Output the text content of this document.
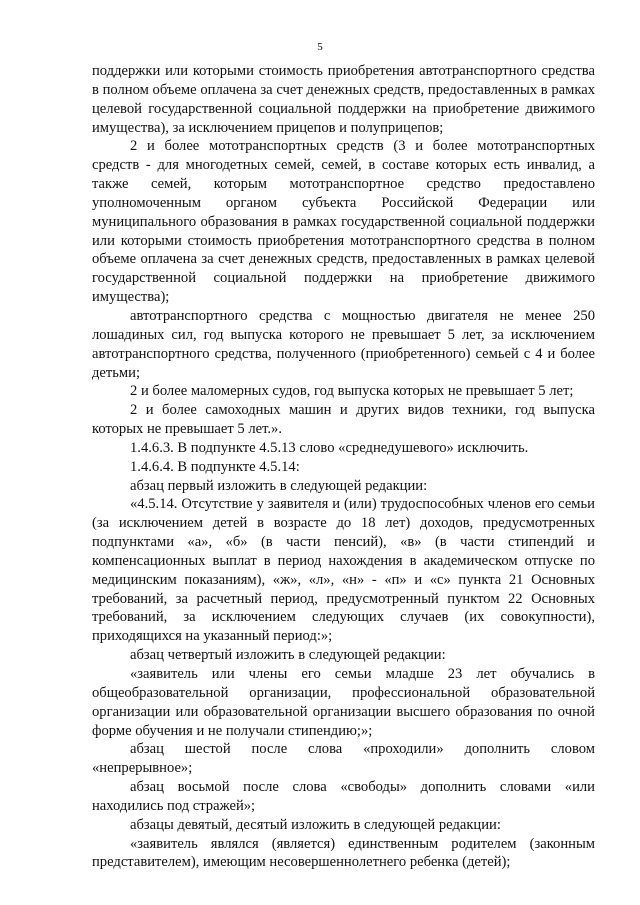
5

поддержки или которыми стоимость приобретения автотранспортного средства в полном объеме оплачена за счет денежных средств, предоставленных в рамках целевой государственной социальной поддержки на приобретение движимого имущества), за исключением прицепов и полуприцепов;

2 и более мототранспортных средств (3 и более мототранспортных средств - для многодетных семей, семей, в составе которых есть инвалид, а также семей, которым мототранспортное средство предоставлено уполномоченным органом субъекта Российской Федерации или муниципального образования в рамках государственной социальной поддержки или которыми стоимость приобретения мототранспортного средства в полном объеме оплачена за счет денежных средств, предоставленных в рамках целевой государственной социальной поддержки на приобретение движимого имущества);

автотранспортного средства с мощностью двигателя не менее 250 лошадиных сил, год выпуска которого не превышает 5 лет, за исключением автотранспортного средства, полученного (приобретенного) семьей с 4 и более детьми;

2 и более маломерных судов, год выпуска которых не превышает 5 лет;

2 и более самоходных машин и других видов техники, год выпуска которых не превышает 5 лет.».

1.4.6.3. В подпункте 4.5.13 слово «среднедушевого» исключить.

1.4.6.4. В подпункте 4.5.14:

абзац первый изложить в следующей редакции:

«4.5.14. Отсутствие у заявителя и (или) трудоспособных членов его семьи (за исключением детей в возрасте до 18 лет) доходов, предусмотренных подпунктами «а», «б» (в части пенсий), «в» (в части стипендий и компенсационных выплат в период нахождения в академическом отпуске по медицинским показаниям), «ж», «л», «н» - «п» и «с» пункта 21 Основных требований, за расчетный период, предусмотренный пунктом 22 Основных требований, за исключением следующих случаев (их совокупности), приходящихся на указанный период:»;

абзац четвертый изложить в следующей редакции:

«заявитель или члены его семьи младше 23 лет обучались в общеобразовательной организации, профессиональной образовательной организации или образовательной организации высшего образования по очной форме обучения и не получали стипендию;»;

абзац шестой после слова «проходили» дополнить словом «непрерывное»;

абзац восьмой после слова «свободы» дополнить словами «или находились под стражей»;

абзацы девятый, десятый изложить в следующей редакции:

«заявитель являлся (является) единственным родителем (законным представителем), имеющим несовершеннолетнего ребенка (детей);
